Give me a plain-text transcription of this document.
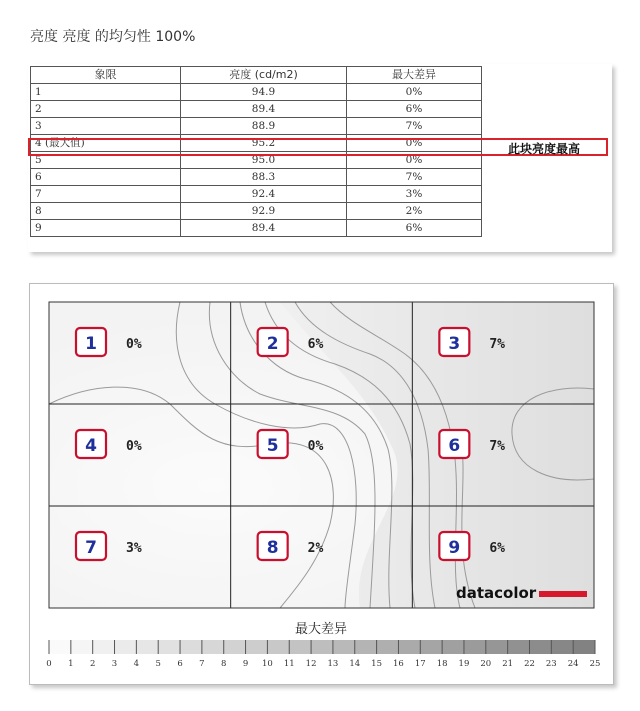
亮度 亮度 的均匀性 100%
象限	亮度 (cd/m2)	最大差异
1	94.9	0%
2	89.4	6%
3	88.9	7%
4 (最大值)	95.2	0%
5	95.0	0%
6	88.3	7%
7	92.4	3%
8	92.9	2%
9	89.4	6%
此块亮度最高
1 0%	2 6%	3 7%
4 0%	5 0%	6 7%
7 3%	8 2%	9 6%
datacolor
最大差异
0 1 2 3 4 5 6 7 8 9 10 11 12 13 14 15 16 17 18 19 20 21 22 23 24 25
